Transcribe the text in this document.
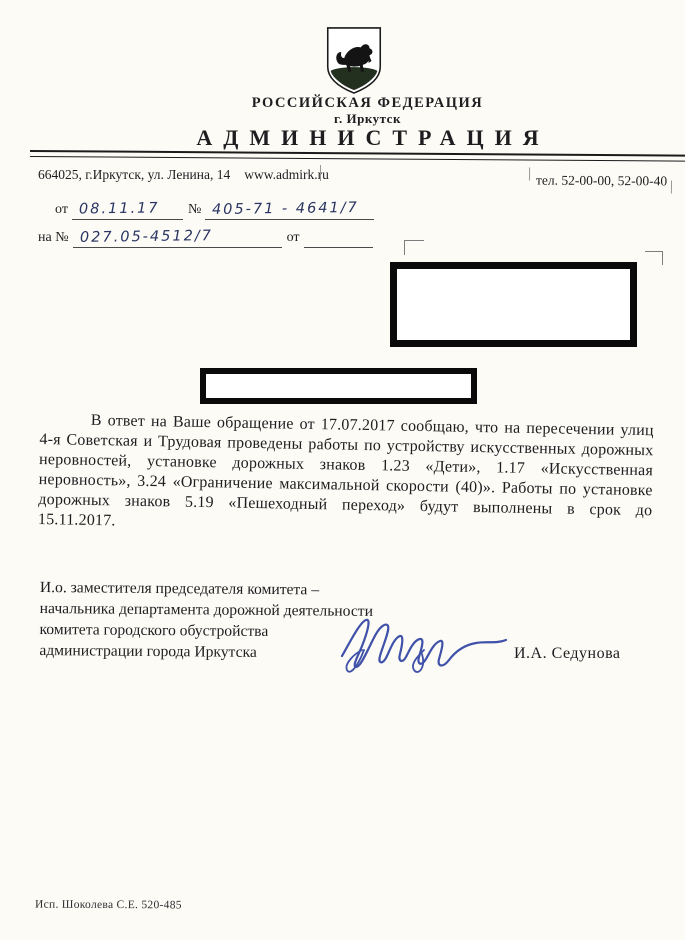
РОССИЙСКАЯ ФЕДЕРАЦИЯ
г. Иркутск
АДМИНИСТРАЦИЯ
664025, г.Иркутск, ул. Ленина, 14 www.admirk.ru	тел. 52-00-00, 52-00-40
от 08.11.17	№ 405-71 - 4641/7
на № 027.05-4512/7	от
В ответ на Ваше обращение от 17.07.2017 сообщаю, что на пересечении улиц 4-я Советская и Трудовая проведены работы по устройству искусственных дорожных неровностей, установке дорожных знаков 1.23 «Дети», 1.17 «Искусственная неровность», 3.24 «Ограничение максимальной скорости (40)». Работы по установке дорожных знаков 5.19 «Пешеходный переход» будут выполнены в срок до 15.11.2017.
И.о. заместителя председателя комитета –
начальника департамента дорожной деятельности
комитета городского обустройства
администрации города Иркутска	И.А. Седунова
Исп. Шоколева С.Е. 520-485
